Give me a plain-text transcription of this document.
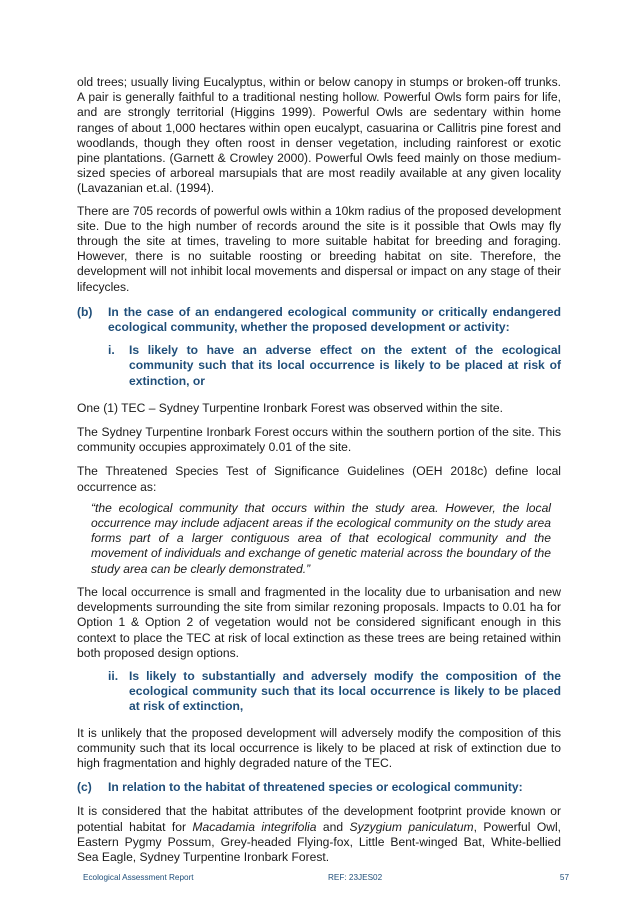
old trees; usually living Eucalyptus, within or below canopy in stumps or broken-off trunks. A pair is generally faithful to a traditional nesting hollow. Powerful Owls form pairs for life, and are strongly territorial (Higgins 1999). Powerful Owls are sedentary within home ranges of about 1,000 hectares within open eucalypt, casuarina or Callitris pine forest and woodlands, though they often roost in denser vegetation, including rainforest or exotic pine plantations. (Garnett & Crowley 2000). Powerful Owls feed mainly on those medium-sized species of arboreal marsupials that are most readily available at any given locality (Lavazanian et.al. (1994).

There are 705 records of powerful owls within a 10km radius of the proposed development site. Due to the high number of records around the site is it possible that Owls may fly through the site at times, traveling to more suitable habitat for breeding and foraging. However, there is no suitable roosting or breeding habitat on site. Therefore, the development will not inhibit local movements and dispersal or impact on any stage of their lifecycles.

(b) In the case of an endangered ecological community or critically endangered ecological community, whether the proposed development or activity:
i. Is likely to have an adverse effect on the extent of the ecological community such that its local occurrence is likely to be placed at risk of extinction, or

One (1) TEC – Sydney Turpentine Ironbark Forest was observed within the site.

The Sydney Turpentine Ironbark Forest occurs within the southern portion of the site. This community occupies approximately 0.01 of the site.

The Threatened Species Test of Significance Guidelines (OEH 2018c) define local occurrence as:

“the ecological community that occurs within the study area. However, the local occurrence may include adjacent areas if the ecological community on the study area forms part of a larger contiguous area of that ecological community and the movement of individuals and exchange of genetic material across the boundary of the study area can be clearly demonstrated.”

The local occurrence is small and fragmented in the locality due to urbanisation and new developments surrounding the site from similar rezoning proposals. Impacts to 0.01 ha for Option 1 & Option 2 of vegetation would not be considered significant enough in this context to place the TEC at risk of local extinction as these trees are being retained within both proposed design options.

ii. Is likely to substantially and adversely modify the composition of the ecological community such that its local occurrence is likely to be placed at risk of extinction,

It is unlikely that the proposed development will adversely modify the composition of this community such that its local occurrence is likely to be placed at risk of extinction due to high fragmentation and highly degraded nature of the TEC.

(c) In relation to the habitat of threatened species or ecological community:

It is considered that the habitat attributes of the development footprint provide known or potential habitat for Macadamia integrifolia and Syzygium paniculatum, Powerful Owl, Eastern Pygmy Possum, Grey-headed Flying-fox, Little Bent-winged Bat, White-bellied Sea Eagle, Sydney Turpentine Ironbark Forest.

Ecological Assessment Report	REF: 23JES02	57
